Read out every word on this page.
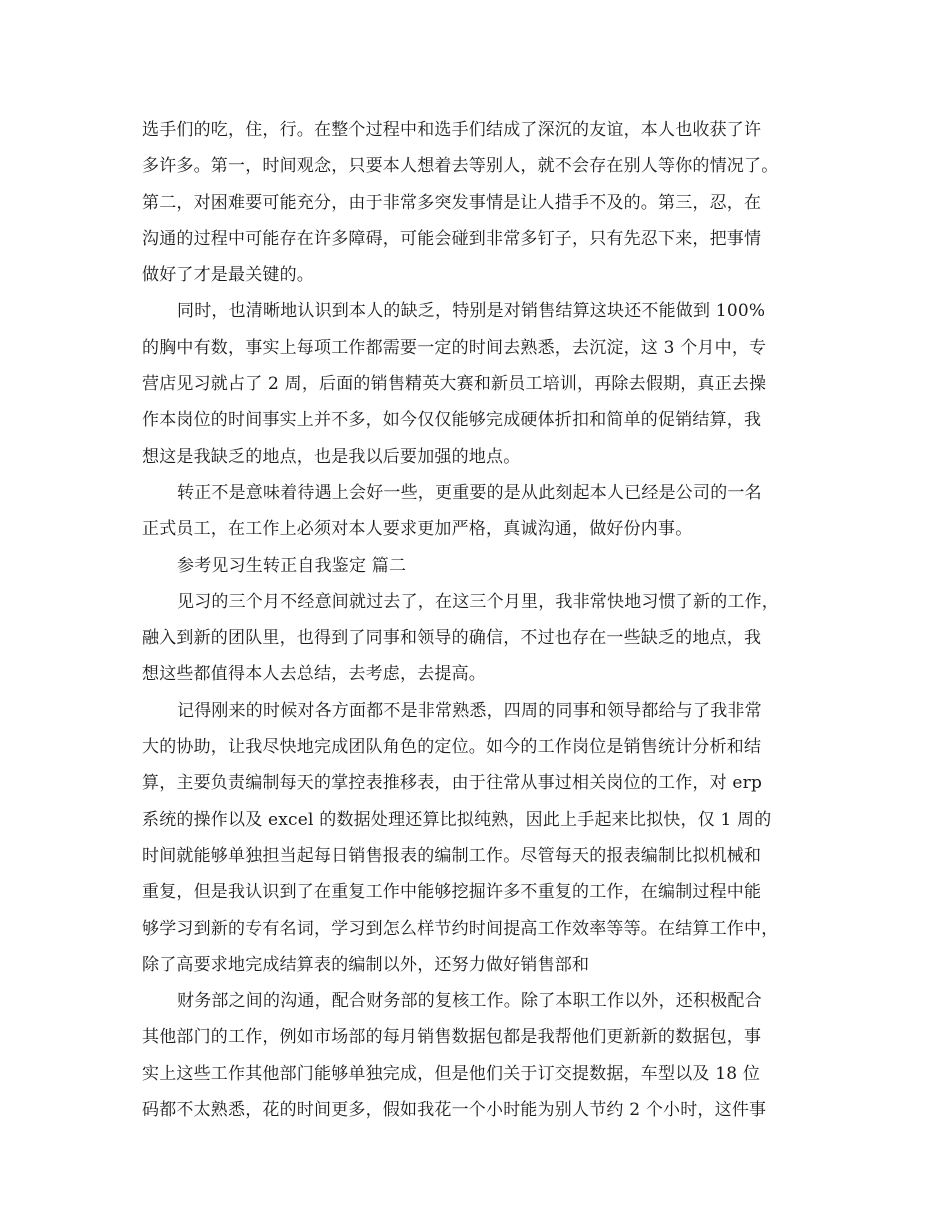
选手们的吃，住，行。在整个过程中和选手们结成了深沉的友谊，本人也收获了许
多许多。第一，时间观念，只要本人想着去等别人，就不会存在别人等你的情况了。
第二，对困难要可能充分，由于非常多突发事情是让人措手不及的。第三，忍，在
沟通的过程中可能存在许多障碍，可能会碰到非常多钉子，只有先忍下来，把事情
做好了才是最关键的。
同时，也清晰地认识到本人的缺乏，特别是对销售结算这块还不能做到 100%
的胸中有数，事实上每项工作都需要一定的时间去熟悉，去沉淀，这 3 个月中，专
营店见习就占了 2 周，后面的销售精英大赛和新员工培训，再除去假期，真正去操
作本岗位的时间事实上并不多，如今仅仅能够完成硬体折扣和简单的促销结算，我
想这是我缺乏的地点，也是我以后要加强的地点。
转正不是意味着待遇上会好一些，更重要的是从此刻起本人已经是公司的一名
正式员工，在工作上必须对本人要求更加严格，真诚沟通，做好份内事。
参考见习生转正自我鉴定 篇二
见习的三个月不经意间就过去了，在这三个月里，我非常快地习惯了新的工作，
融入到新的团队里，也得到了同事和领导的确信，不过也存在一些缺乏的地点，我
想这些都值得本人去总结，去考虑，去提高。
记得刚来的时候对各方面都不是非常熟悉，四周的同事和领导都给与了我非常
大的协助，让我尽快地完成团队角色的定位。如今的工作岗位是销售统计分析和结
算，主要负责编制每天的掌控表推移表，由于往常从事过相关岗位的工作，对 erp
系统的操作以及 excel 的数据处理还算比拟纯熟，因此上手起来比拟快，仅 1 周的
时间就能够单独担当起每日销售报表的编制工作。尽管每天的报表编制比拟机械和
重复，但是我认识到了在重复工作中能够挖掘许多不重复的工作，在编制过程中能
够学习到新的专有名词，学习到怎么样节约时间提高工作效率等等。在结算工作中，
除了高要求地完成结算表的编制以外，还努力做好销售部和
财务部之间的沟通，配合财务部的复核工作。除了本职工作以外，还积极配合
其他部门的工作，例如市场部的每月销售数据包都是我帮他们更新新的数据包，事
实上这些工作其他部门能够单独完成，但是他们关于订交提数据，车型以及 18 位
码都不太熟悉，花的时间更多，假如我花一个小时能为别人节约 2 个小时，这件事
